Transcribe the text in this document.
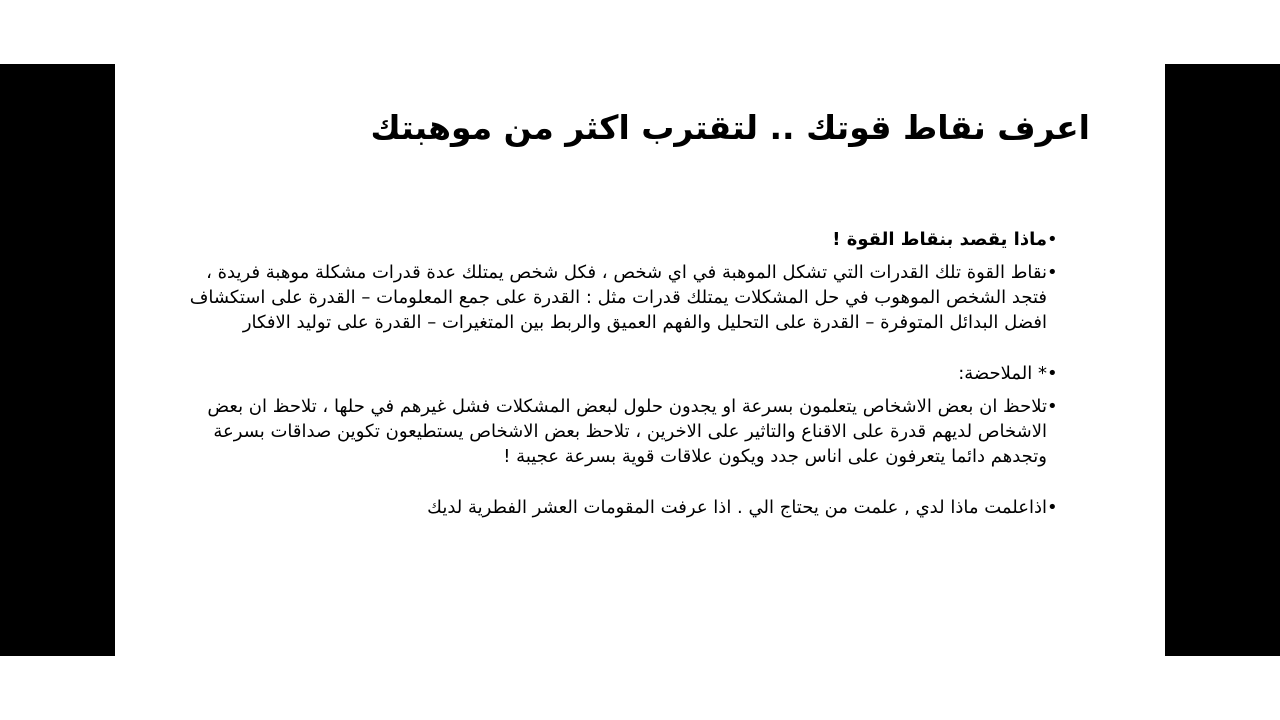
اعرف نقاط قوتك .. لتقترب اكثر من موهبتك
ماذا يقصد بنقاط القوة ! •
نقاط القوة تلك القدرات التي تشكل الموهبة في اي شخص ، فكل شخص يمتلك عدة قدرات مشكلة موهبة فريدة ، فتجد الشخص الموهوب في حل المشكلات يمتلك قدرات مثل : القدرة على جمع المعلومات – القدرة على استكشاف افضل البدائل المتوفرة – القدرة على التحليل والفهم العميق والربط بين المتغيرات – القدرة على توليد الافكار
•
* الملاحضة: •
تلاحظ ان بعض الاشخاص يتعلمون بسرعة او يجدون حلول لبعض المشكلات فشل غيرهم في حلها ، تلاحظ ان بعض الاشخاص لديهم قدرة على الاقناع والتاثير على الاخرين ، تلاحظ بعض الاشخاص يستطيعون تكوين صداقات بسرعة وتجدهم دائما يتعرفون على اناس جدد ويكون علاقات قوية بسرعة عجيبة !
•
اذاعلمت ماذا لدي , علمت من يحتاج الي . اذا عرفت المقومات العشر الفطرية لديك •
